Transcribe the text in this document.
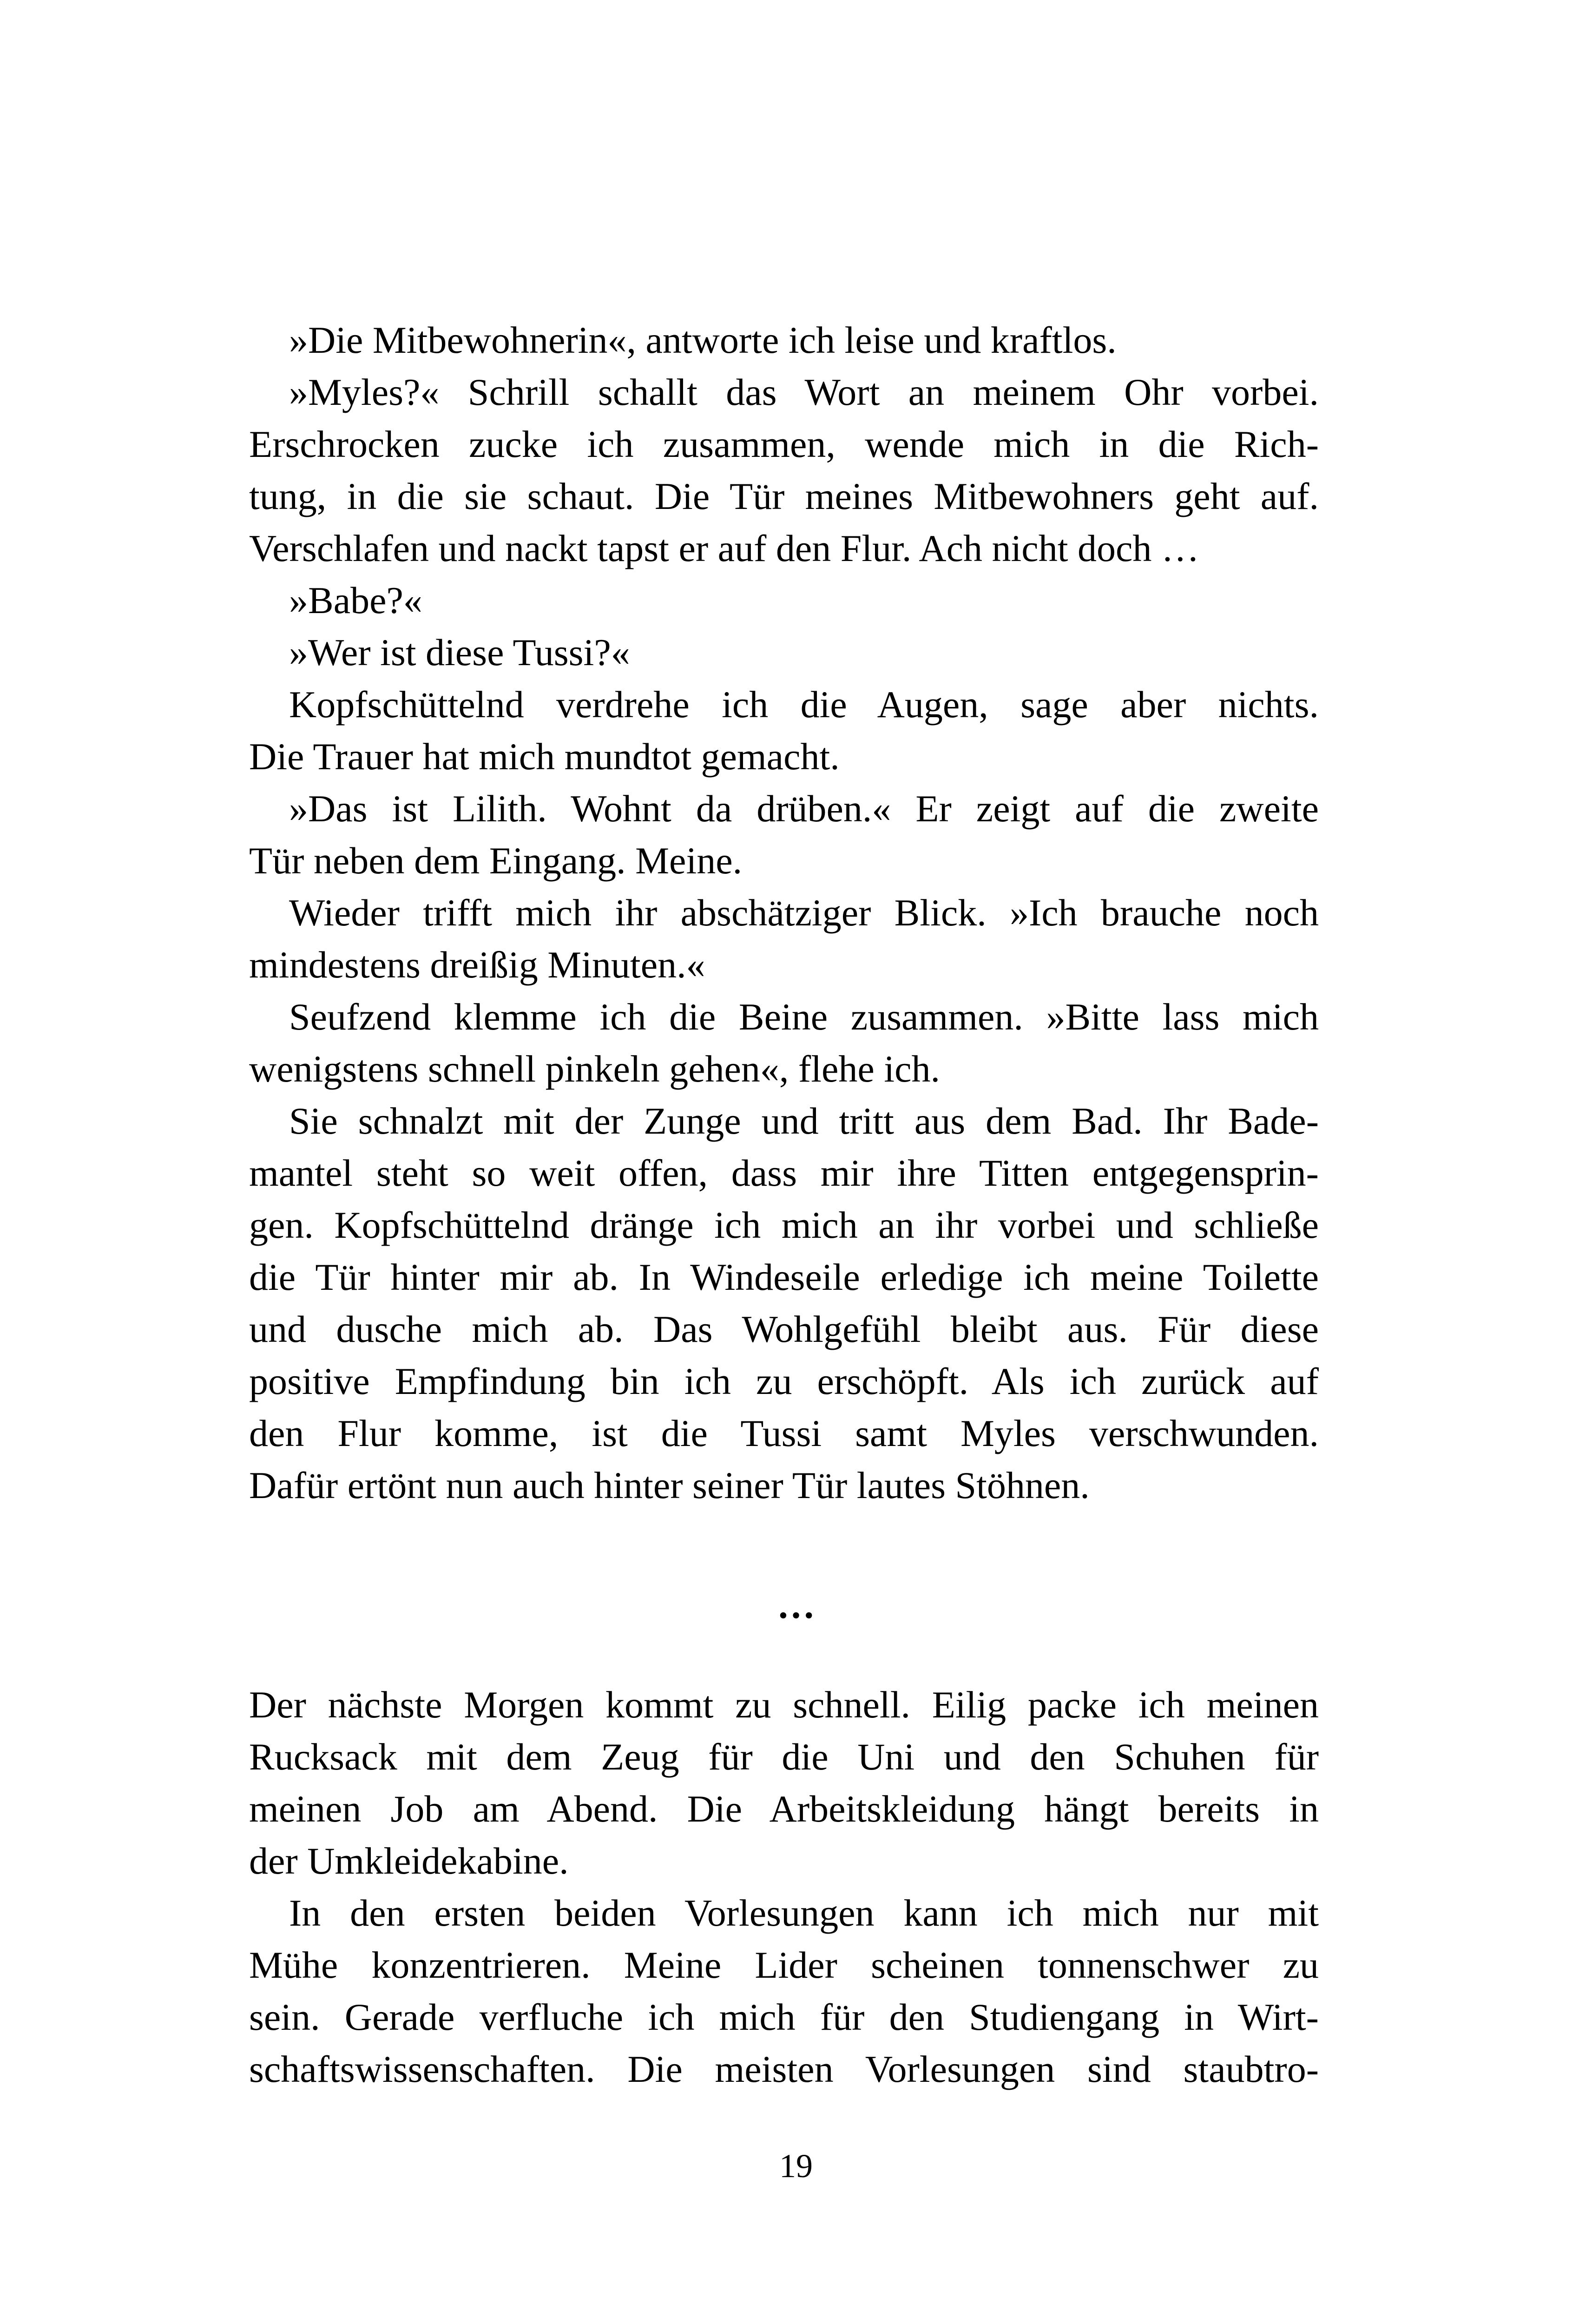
»Die Mitbewohnerin«, antworte ich leise und kraftlos.
»Myles?« Schrill schallt das Wort an meinem Ohr vorbei.
Erschrocken zucke ich zusammen, wende mich in die Rich-
tung, in die sie schaut. Die Tür meines Mitbewohners geht auf.
Verschlafen und nackt tapst er auf den Flur. Ach nicht doch …
»Babe?«
»Wer ist diese Tussi?«
Kopfschüttelnd verdrehe ich die Augen, sage aber nichts.
Die Trauer hat mich mundtot gemacht.
»Das ist Lilith. Wohnt da drüben.« Er zeigt auf die zweite
Tür neben dem Eingang. Meine.
Wieder trifft mich ihr abschätziger Blick. »Ich brauche noch
mindestens dreißig Minuten.«
Seufzend klemme ich die Beine zusammen. »Bitte lass mich
wenigstens schnell pinkeln gehen«, flehe ich.
Sie schnalzt mit der Zunge und tritt aus dem Bad. Ihr Bade-
mantel steht so weit offen, dass mir ihre Titten entgegensprin-
gen. Kopfschüttelnd dränge ich mich an ihr vorbei und schließe
die Tür hinter mir ab. In Windeseile erledige ich meine Toilette
und dusche mich ab. Das Wohlgefühl bleibt aus. Für diese
positive Empfindung bin ich zu erschöpft. Als ich zurück auf
den Flur komme, ist die Tussi samt Myles verschwunden.
Dafür ertönt nun auch hinter seiner Tür lautes Stöhnen.
…
Der nächste Morgen kommt zu schnell. Eilig packe ich meinen
Rucksack mit dem Zeug für die Uni und den Schuhen für
meinen Job am Abend. Die Arbeitskleidung hängt bereits in
der Umkleidekabine.
In den ersten beiden Vorlesungen kann ich mich nur mit
Mühe konzentrieren. Meine Lider scheinen tonnenschwer zu
sein. Gerade verfluche ich mich für den Studiengang in Wirt-
schaftswissenschaften. Die meisten Vorlesungen sind staubtro-
19
